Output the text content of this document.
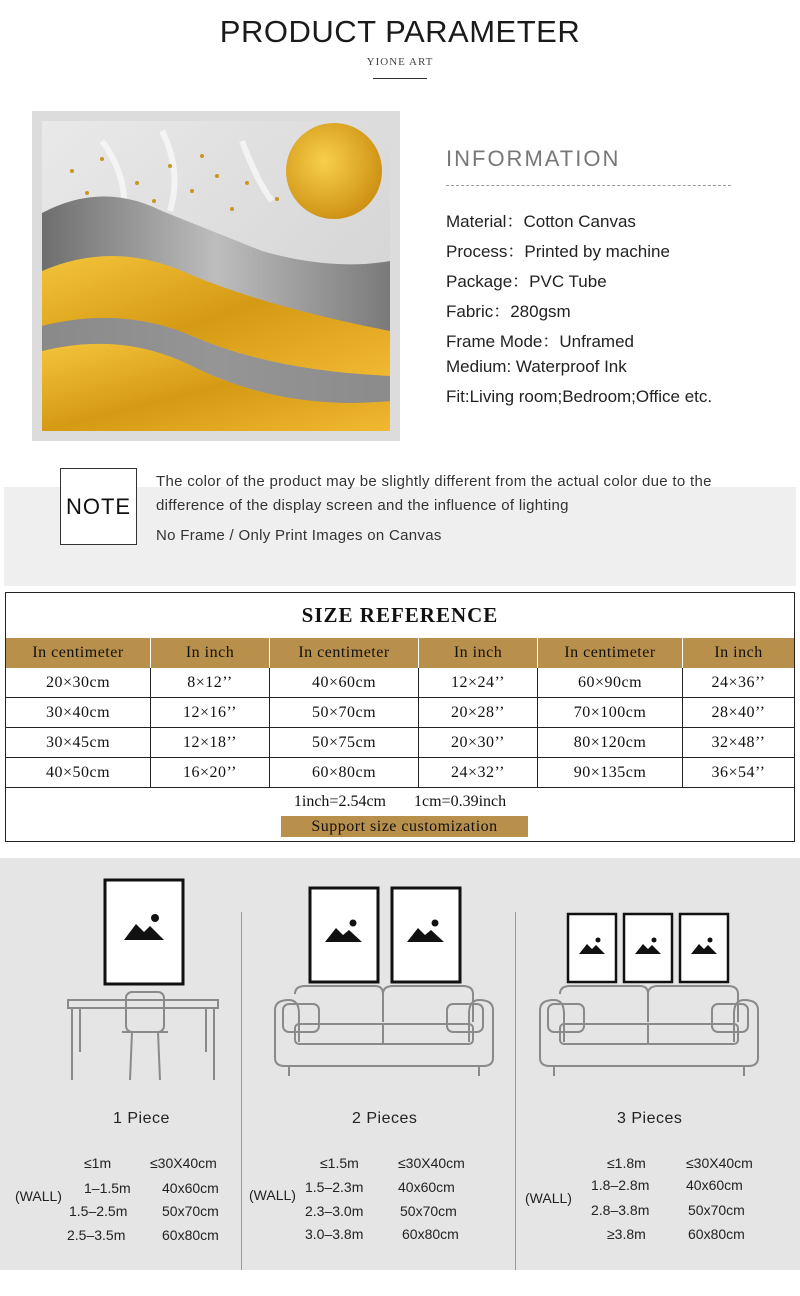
PRODUCT PARAMETER
YIONE ART
INFORMATION
Material：Cotton Canvas
Process：Printed by machine
Package：PVC Tube
Fabric：280gsm
Frame Mode：Unframed
Medium: Waterproof Ink
Fit:Living room;Bedroom;Office etc.
NOTE
The color of the product may be slightly different from the actual color due to the difference of the display screen and the influence of lighting
No Frame / Only Print Images on Canvas
SIZE REFERENCE
In centimeter	In inch	In centimeter	In inch	In centimeter	In inch
20×30cm	8×12’’	40×60cm	12×24’’	60×90cm	24×36’’
30×40cm	12×16’’	50×70cm	20×28’’	70×100cm	28×40’’
30×45cm	12×18’’	50×75cm	20×30’’	80×120cm	32×48’’
40×50cm	16×20’’	60×80cm	24×32’’	90×135cm	36×54’’
1inch=2.54cm 1cm=0.39inch
Support size customization
1 Piece	2 Pieces	3 Pieces
(WALL)
≤1m	≤30X40cm
1–1.5m 40x60cm
1.5–2.5m 50x70cm
2.5–3.5m	60x80cm
(WALL)
≤1.5m	≤30X40cm
1.5–2.3m 40x60cm
2.3–3.0m	50x70cm
3.0–3.8m	60x80cm
(WALL)
≤1.8m	≤30X40cm
1.8–2.8m	40x60cm
2.8–3.8m	50x70cm
≥3.8m	60x80cm
